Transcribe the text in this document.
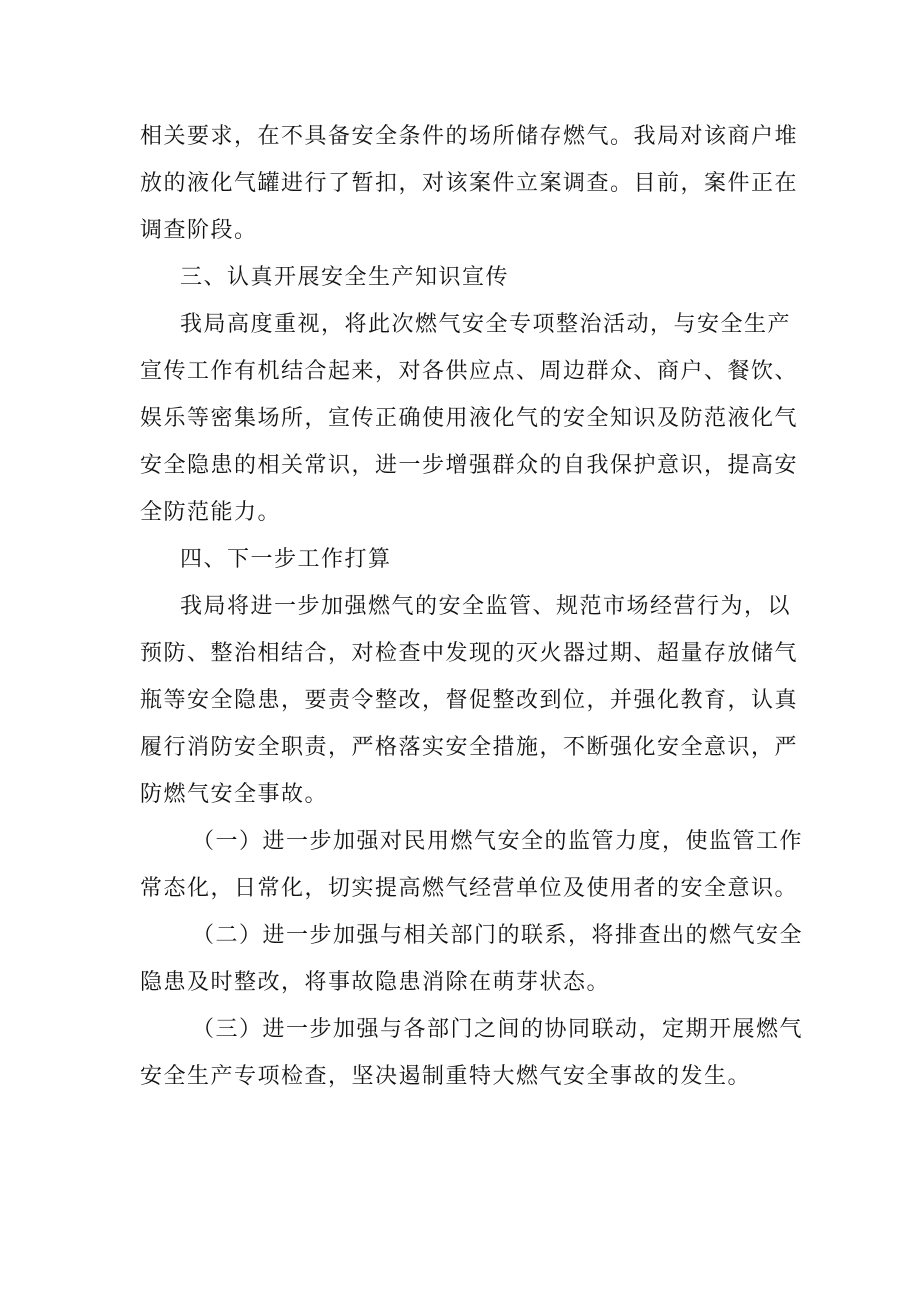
相关要求，在不具备安全条件的场所储存燃气。我局对该商户堆
放的液化气罐进行了暂扣，对该案件立案调查。目前，案件正在
调查阶段。
三、认真开展安全生产知识宣传
我局高度重视，将此次燃气安全专项整治活动，与安全生产
宣传工作有机结合起来，对各供应点、周边群众、商户、餐饮、
娱乐等密集场所，宣传正确使用液化气的安全知识及防范液化气
安全隐患的相关常识，进一步增强群众的自我保护意识，提高安
全防范能力。
四、下一步工作打算
我局将进一步加强燃气的安全监管、规范市场经营行为，以
预防、整治相结合，对检查中发现的灭火器过期、超量存放储气
瓶等安全隐患，要责令整改，督促整改到位，并强化教育，认真
履行消防安全职责，严格落实安全措施，不断强化安全意识，严
防燃气安全事故。
（一）进一步加强对民用燃气安全的监管力度，使监管工作
常态化，日常化，切实提高燃气经营单位及使用者的安全意识。
（二）进一步加强与相关部门的联系，将排查出的燃气安全
隐患及时整改，将事故隐患消除在萌芽状态。
（三）进一步加强与各部门之间的协同联动，定期开展燃气
安全生产专项检查，坚决遏制重特大燃气安全事故的发生。
